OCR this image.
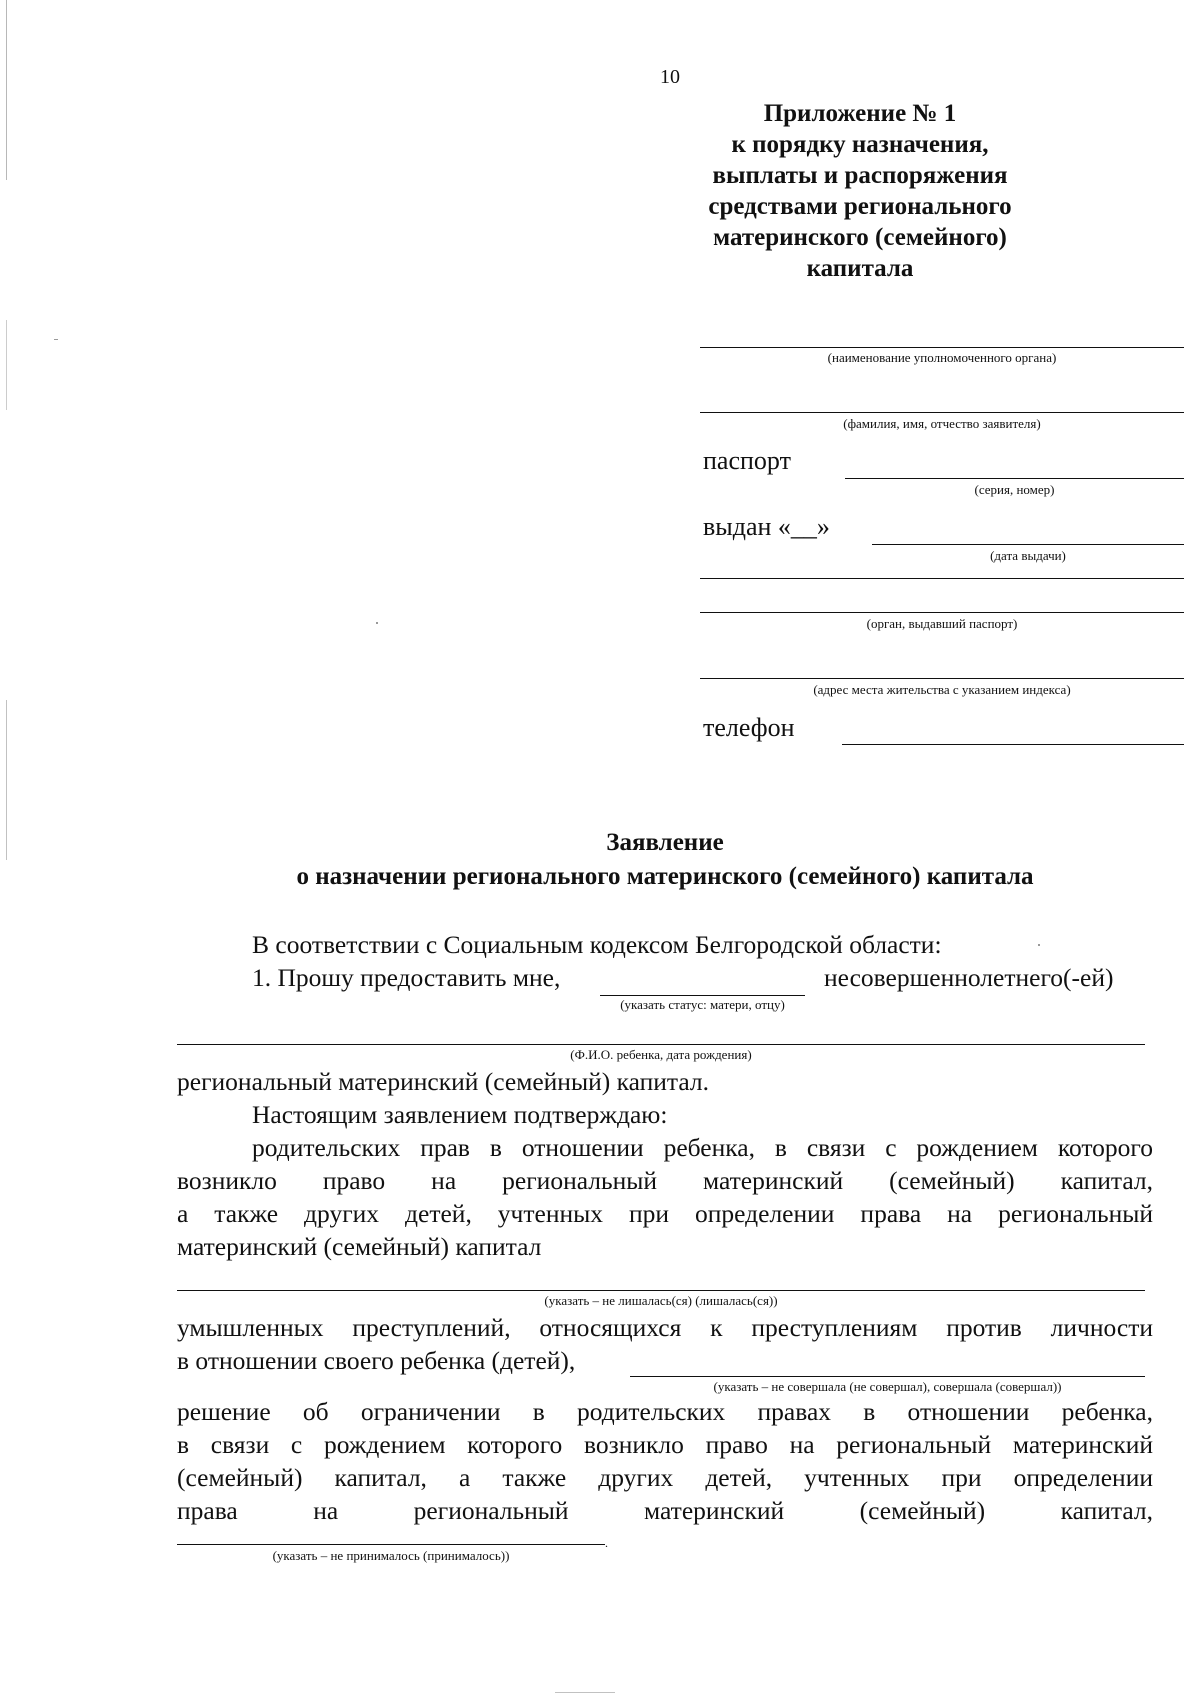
10
Приложение № 1
к порядку назначения,
выплаты и распоряжения
средствами регионального
материнского (семейного)
капитала
(наименование уполномоченного органа)
(фамилия, имя, отчество заявителя)
паспорт
(серия, номер)
выдан «__»
(дата выдачи)
(орган, выдавший паспорт)
(адрес места жительства с указанием индекса)
телефон
Заявление
о назначении регионального материнского (семейного) капитала
В соответствии с Социальным кодексом Белгородской области:
1. Прошу предоставить мне,	несовершеннолетнего(-ей)
(указать статус: матери, отцу)
(Ф.И.О. ребенка, дата рождения)
региональный материнский (семейный) капитал.
Настоящим заявлением подтверждаю:
родительских прав в отношении ребенка, в связи с рождением которого
возникло право на региональный материнский (семейный) капитал,
а также других детей, учтенных при определении права на региональный
материнский (семейный) капитал
(указать – не лишалась(ся) (лишалась(ся))
умышленных преступлений, относящихся к преступлениям против личности
в отношении своего ребенка (детей),
(указать – не совершала (не совершал), совершала (совершал))
решение об ограничении в родительских правах в отношении ребенка,
в связи с рождением которого возникло право на региональный материнский
(семейный) капитал, а также других детей, учтенных при определении
права на региональный материнский (семейный) капитал,
.
(указать – не принималось (принималось))
